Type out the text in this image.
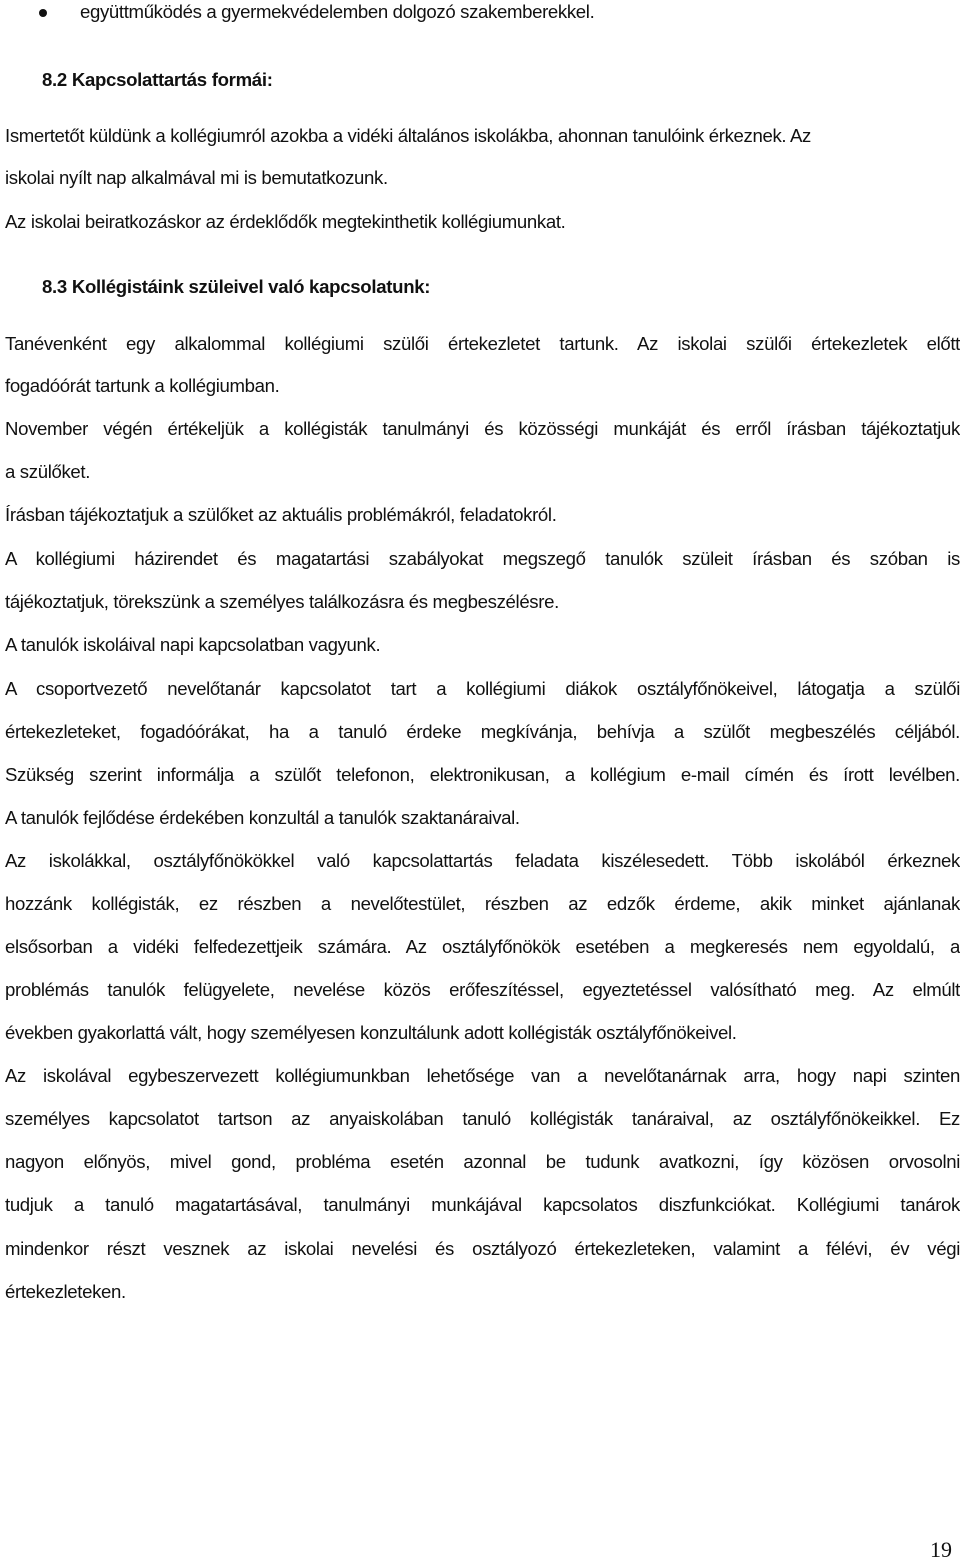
együttműködés a gyermekvédelemben dolgozó szakemberekkel.
8.2 Kapcsolattartás formái:
Ismertetőt küldünk a kollégiumról azokba a vidéki általános iskolákba, ahonnan tanulóink érkeznek. Az
iskolai nyílt nap alkalmával mi is bemutatkozunk.
Az iskolai beiratkozáskor az érdeklődők megtekinthetik kollégiumunkat.
8.3 Kollégistáink szüleivel való kapcsolatunk:
Tanévenként egy alkalommal kollégiumi szülői értekezletet tartunk. Az iskolai szülői értekezletek előtt
fogadóórát tartunk a kollégiumban.
November végén értékeljük a kollégisták tanulmányi és közösségi munkáját és erről írásban tájékoztatjuk
a szülőket.
Írásban tájékoztatjuk a szülőket az aktuális problémákról, feladatokról.
A kollégiumi házirendet és magatartási szabályokat megszegő tanulók szüleit írásban és szóban is
tájékoztatjuk, törekszünk a személyes találkozásra és megbeszélésre.
A tanulók iskoláival napi kapcsolatban vagyunk.
A csoportvezető nevelőtanár kapcsolatot tart a kollégiumi diákok osztályfőnökeivel, látogatja a szülői
értekezleteket, fogadóórákat, ha a tanuló érdeke megkívánja, behívja a szülőt megbeszélés céljából.
Szükség szerint informálja a szülőt telefonon, elektronikusan, a kollégium e-mail címén és írott levélben.
A tanulók fejlődése érdekében konzultál a tanulók szaktanáraival.
Az iskolákkal, osztályfőnökökkel való kapcsolattartás feladata kiszélesedett. Több iskolából érkeznek
hozzánk kollégisták, ez részben a nevelőtestület, részben az edzők érdeme, akik minket ajánlanak
elsősorban a vidéki felfedezettjeik számára. Az osztályfőnökök esetében a megkeresés nem egyoldalú, a
problémás tanulók felügyelete, nevelése közös erőfeszítéssel, egyeztetéssel valósítható meg. Az elmúlt
években gyakorlattá vált, hogy személyesen konzultálunk adott kollégisták osztályfőnökeivel.
Az iskolával egybeszervezett kollégiumunkban lehetősége van a nevelőtanárnak arra, hogy napi szinten
személyes kapcsolatot tartson az anyaiskolában tanuló kollégisták tanáraival, az osztályfőnökeikkel. Ez
nagyon előnyös, mivel gond, probléma esetén azonnal be tudunk avatkozni, így közösen orvosolni
tudjuk a tanuló magatartásával, tanulmányi munkájával kapcsolatos diszfunkciókat. Kollégiumi tanárok
mindenkor részt vesznek az iskolai nevelési és osztályozó értekezleteken, valamint a félévi, év végi
értekezleteken.
19
